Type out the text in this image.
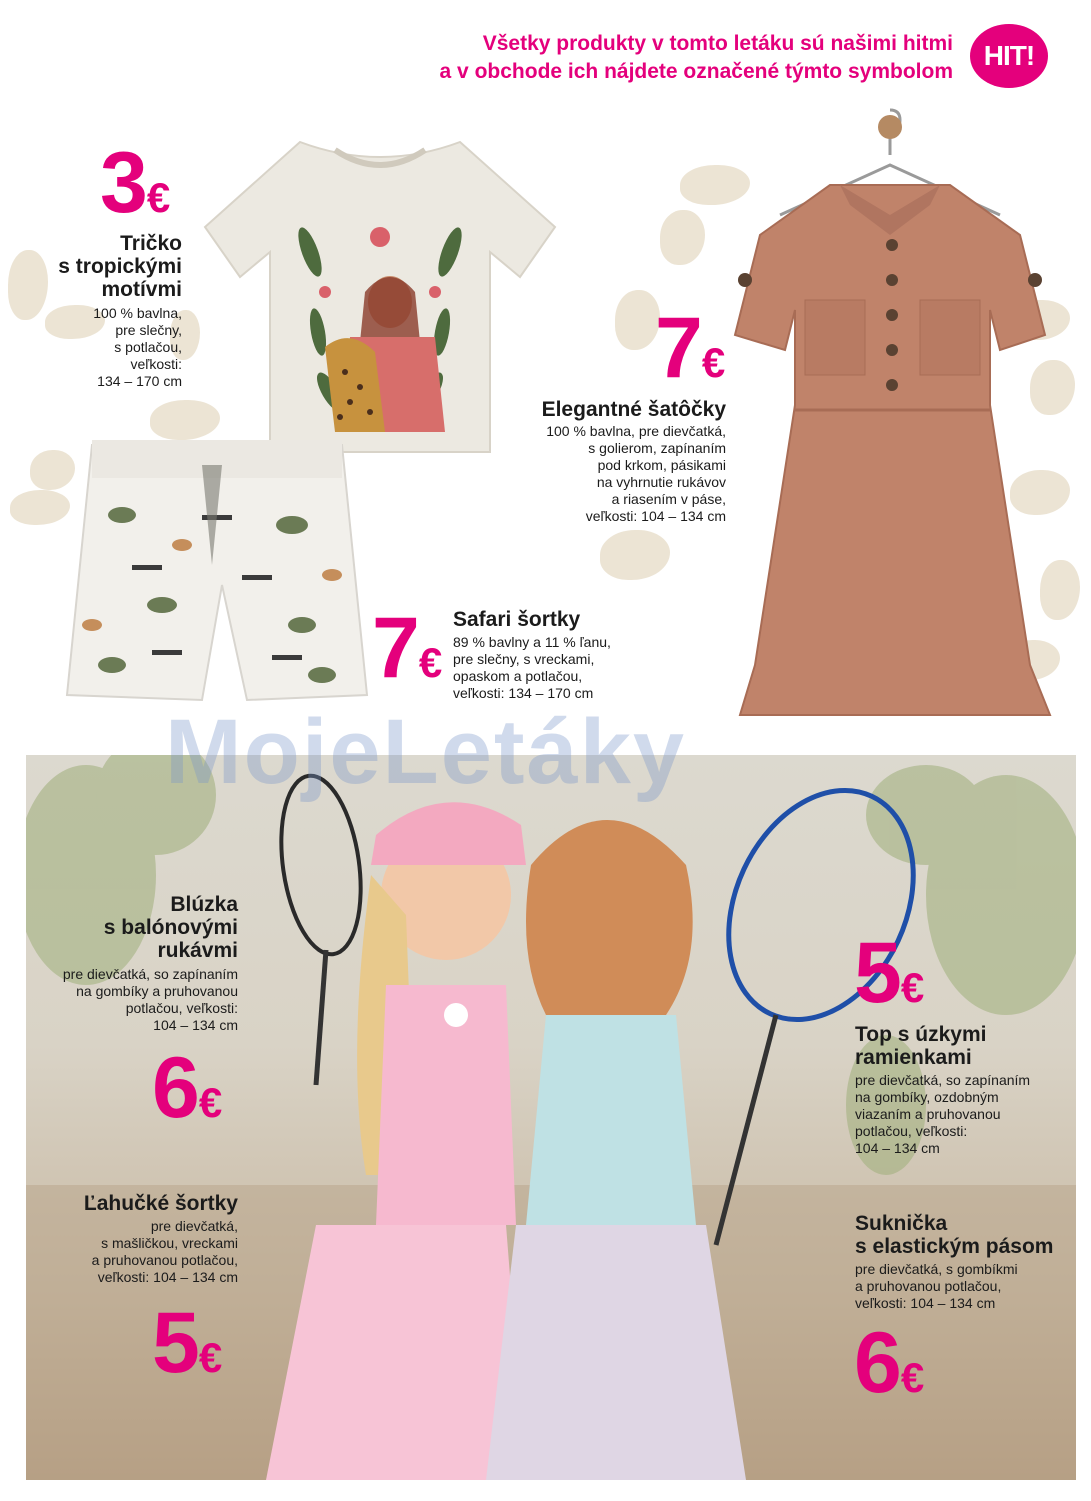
Všetky produkty v tomto letáku sú našimi hitmi
a v obchode ich nájdete označené týmto symbolom
HIT!
3€
Tričko
s tropickými
motívmi
100 % bavlna,
pre slečny,
s potlačou,
veľkosti:
134 – 170 cm	7€
Elegantné šatôčky
100 % bavlna, pre dievčatká,
s golierom, zapínaním
pod krkom, pásikami
na vyhrnutie rukávov
a riasením v páse,
veľkosti: 104 – 134 cm
7€
Safari šortky
89 % bavlny a 11 % ľanu,
pre slečny, s vreckami,
opaskom a potlačou,
veľkosti: 134 – 170 cm
Blúzka
s balónovými
rukávmi
pre dievčatká, so zapínaním
na gombíky a pruhovanou
potlačou, veľkosti:
104 – 134 cm
6€
Ľahučké šortky
pre dievčatká,
s mašličkou, vreckami
a pruhovanou potlačou,
veľkosti: 104 – 134 cm
5€
5€
Top s úzkymi
ramienkami
pre dievčatká, so zapínaním
na gombíky, ozdobným
viazaním a pruhovanou
potlačou, veľkosti:
104 – 134 cm
Suknička
s elastickým pásom
pre dievčatká, s gombíkmi
a pruhovanou potlačou,
veľkosti: 104 – 134 cm
6€
MojeLetáky
